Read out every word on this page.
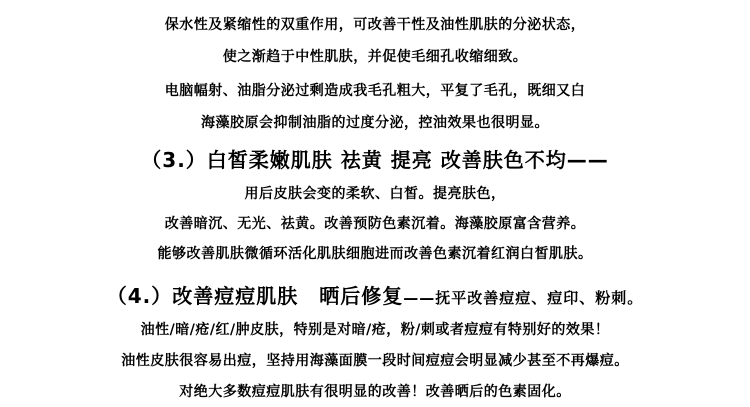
保水性及紧缩性的双重作用，可改善干性及油性肌肤的分泌状态，
使之渐趋于中性肌肤，并促使毛细孔收缩细致。
电脑幅射、油脂分泌过剩造成我毛孔粗大，平复了毛孔，既细又白
海藻胶原会抑制油脂的过度分泌，控油效果也很明显。
（3.）白皙柔嫩肌肤 祛黄 提亮 改善肤色不均——
用后皮肤会变的柔软、白皙。提亮肤色，
改善暗沉、无光、祛黄。改善预防色素沉着。海藻胶原富含营养。
能够改善肌肤微循环活化肌肤细胞进而改善色素沉着红润白皙肌肤。
（4.）改善痘痘肌肤　晒后修复——抚平改善痘痘、痘印、粉刺。
油性/暗/疮/红/肿皮肤，特别是对暗/疮，粉/刺或者痘痘有特别好的效果！
油性皮肤很容易出痘，坚持用海藻面膜一段时间痘痘会明显减少甚至不再爆痘。
对绝大多数痘痘肌肤有很明显的改善！改善晒后的色素固化。
